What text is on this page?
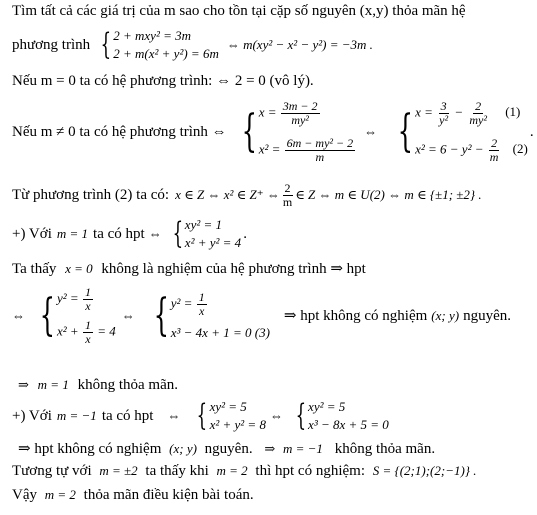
Tìm tất cả các giá trị của m sao cho tồn tại cặp số nguyên (x,y) thỏa mãn hệ
phương trình { 2 + mxy² = 3m
2 + m(x² + y²) = 6m
⇔ m(xy² − x² − y²) = −3m .
Nếu m = 0 ta có hệ phương trình: ⇔ 2 = 0 (vô lý).
Nếu m ≠ 0 ta có hệ phương trình ⇔ { $x = \frac{3m - 2}{\text{my²}}$
$x^2 = \frac{\text{6m − my² − 2}}{m}$
⇔ { $x = \frac{3}{\text{y²}} - \frac{2}{\text{my²}} (1)$
$x^2 = 6 - y^2 - \frac{2}{m} (2)$
.
Từ phương trình (2) ta có: x ∈ Z ⇔ x² ∈ Z⁺ ⇔ $\frac{2}{m}$ ∈ Z ⇔ m ∈ U(2) ⇔ m ∈ {±1; ±2} .
+) Với m = 1 ta có hpt ⇔ { xy² = 1
x² + y² = 4
.
Ta thấy x = 0 không là nghiệm của hệ phương trình ⇒ hpt
⇔ { $y^2 = \frac{1}{x}$
$x^2 + \frac{1}{x} = 4$
⇔ { $y^2 = \frac{1}{x}$
x³ − 4x + 1 = 0 (3)
⇒ hpt không có nghiệm (x; y) nguyên.
⇒ m = 1 không thỏa mãn.
+) Với m = −1 ta có hpt ⇔ { xy² = 5
x² + y² = 8
⇔ { xy² = 5
x³ − 8x + 5 = 0
⇒ hpt không có nghiệm (x; y) nguyên. ⇒ m = −1 không thỏa mãn.
Tương tự với m = ±2 ta thấy khi m = 2 thì hpt có nghiệm: S = {(2;1);(2;−1)} .
Vậy m = 2 thỏa mãn điều kiện bài toán.
